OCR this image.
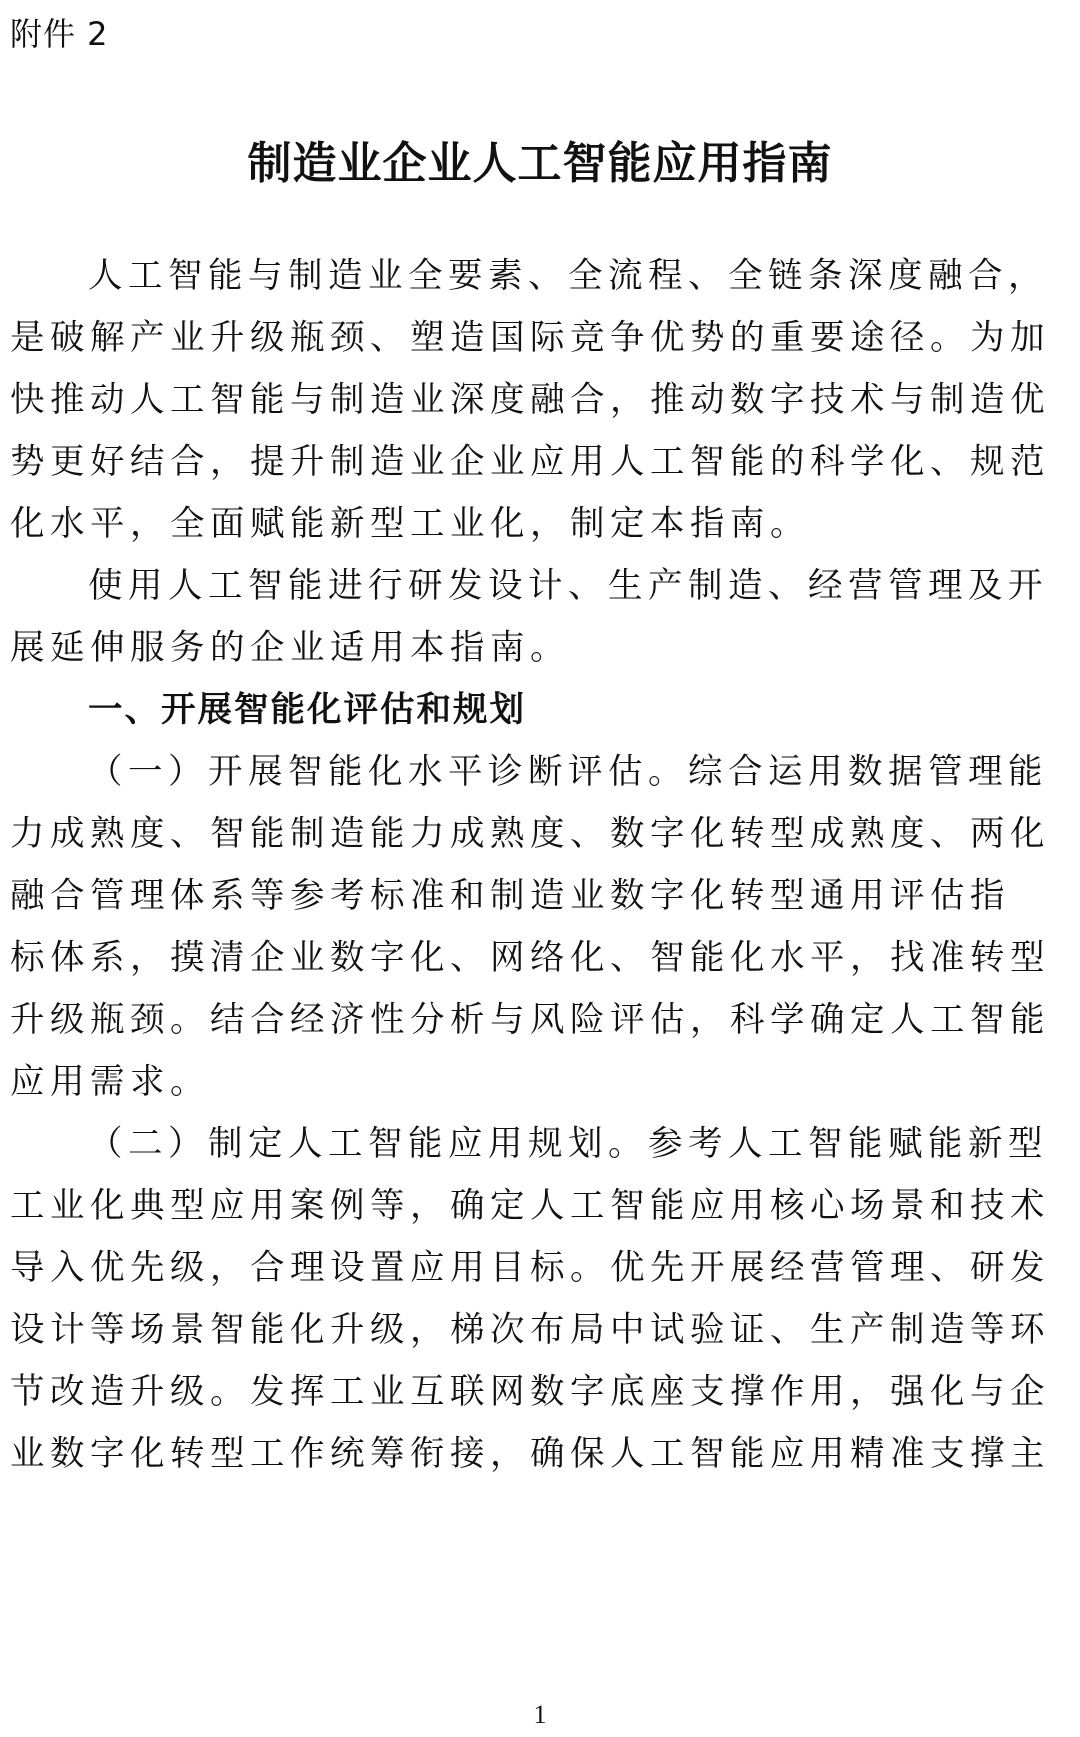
附件 2
制造业企业人工智能应用指南
人工智能与制造业全要素、全流程、全链条深度融合，
是破解产业升级瓶颈、塑造国际竞争优势的重要途径。为加
快推动人工智能与制造业深度融合，推动数字技术与制造优
势更好结合，提升制造业企业应用人工智能的科学化、规范
化水平，全面赋能新型工业化，制定本指南。
使用人工智能进行研发设计、生产制造、经营管理及开
展延伸服务的企业适用本指南。
一、开展智能化评估和规划
（一）开展智能化水平诊断评估。综合运用数据管理能
力成熟度、智能制造能力成熟度、数字化转型成熟度、两化
融合管理体系等参考标准和制造业数字化转型通用评估指
标体系，摸清企业数字化、网络化、智能化水平，找准转型
升级瓶颈。结合经济性分析与风险评估，科学确定人工智能
应用需求。
（二）制定人工智能应用规划。参考人工智能赋能新型
工业化典型应用案例等，确定人工智能应用核心场景和技术
导入优先级，合理设置应用目标。优先开展经营管理、研发
设计等场景智能化升级，梯次布局中试验证、生产制造等环
节改造升级。发挥工业互联网数字底座支撑作用，强化与企
业数字化转型工作统筹衔接，确保人工智能应用精准支撑主
1
